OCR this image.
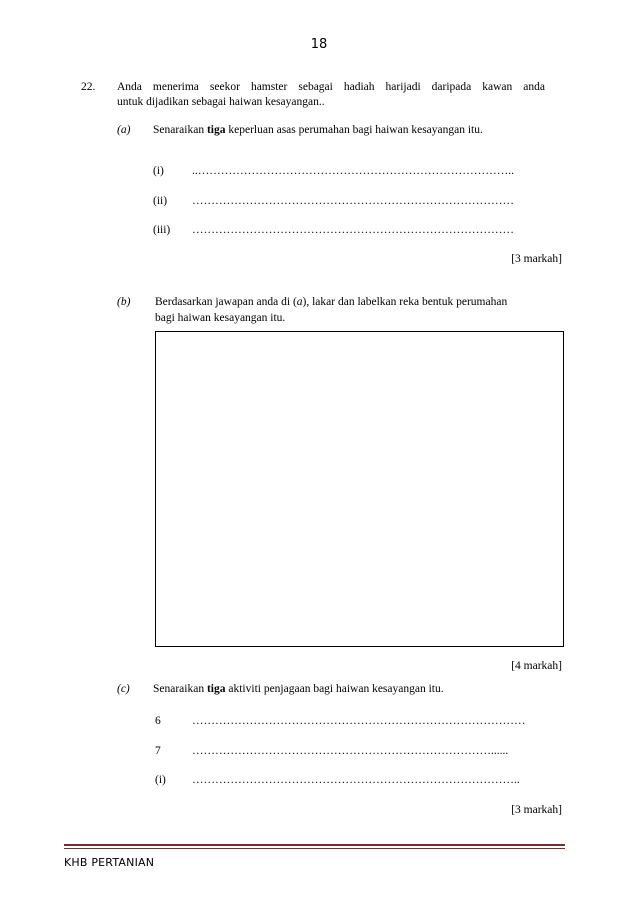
18
22. Anda menerima seekor hamster sebagai hadiah harijadi daripada kawan anda
untuk dijadikan sebagai haiwan kesayangan..
(a) Senaraikan tiga keperluan asas perumahan bagi haiwan kesayangan itu.
(i) ..………………………………………………………………………..
(ii) …………………………………………………………………………
(iii) …………………………………………………………………………
[3 markah]
(b) Berdasarkan jawapan anda di (a), lakar dan labelkan reka bentuk perumahan
bagi haiwan kesayangan itu.
[4 markah]
(c) Senaraikan tiga aktiviti penjagaan bagi haiwan kesayangan itu.
6	……………………………………………………………………………
7	……………………………………………………………………......
(i) …………………………………………………………………………..
[3 markah]
KHB PERTANIAN
